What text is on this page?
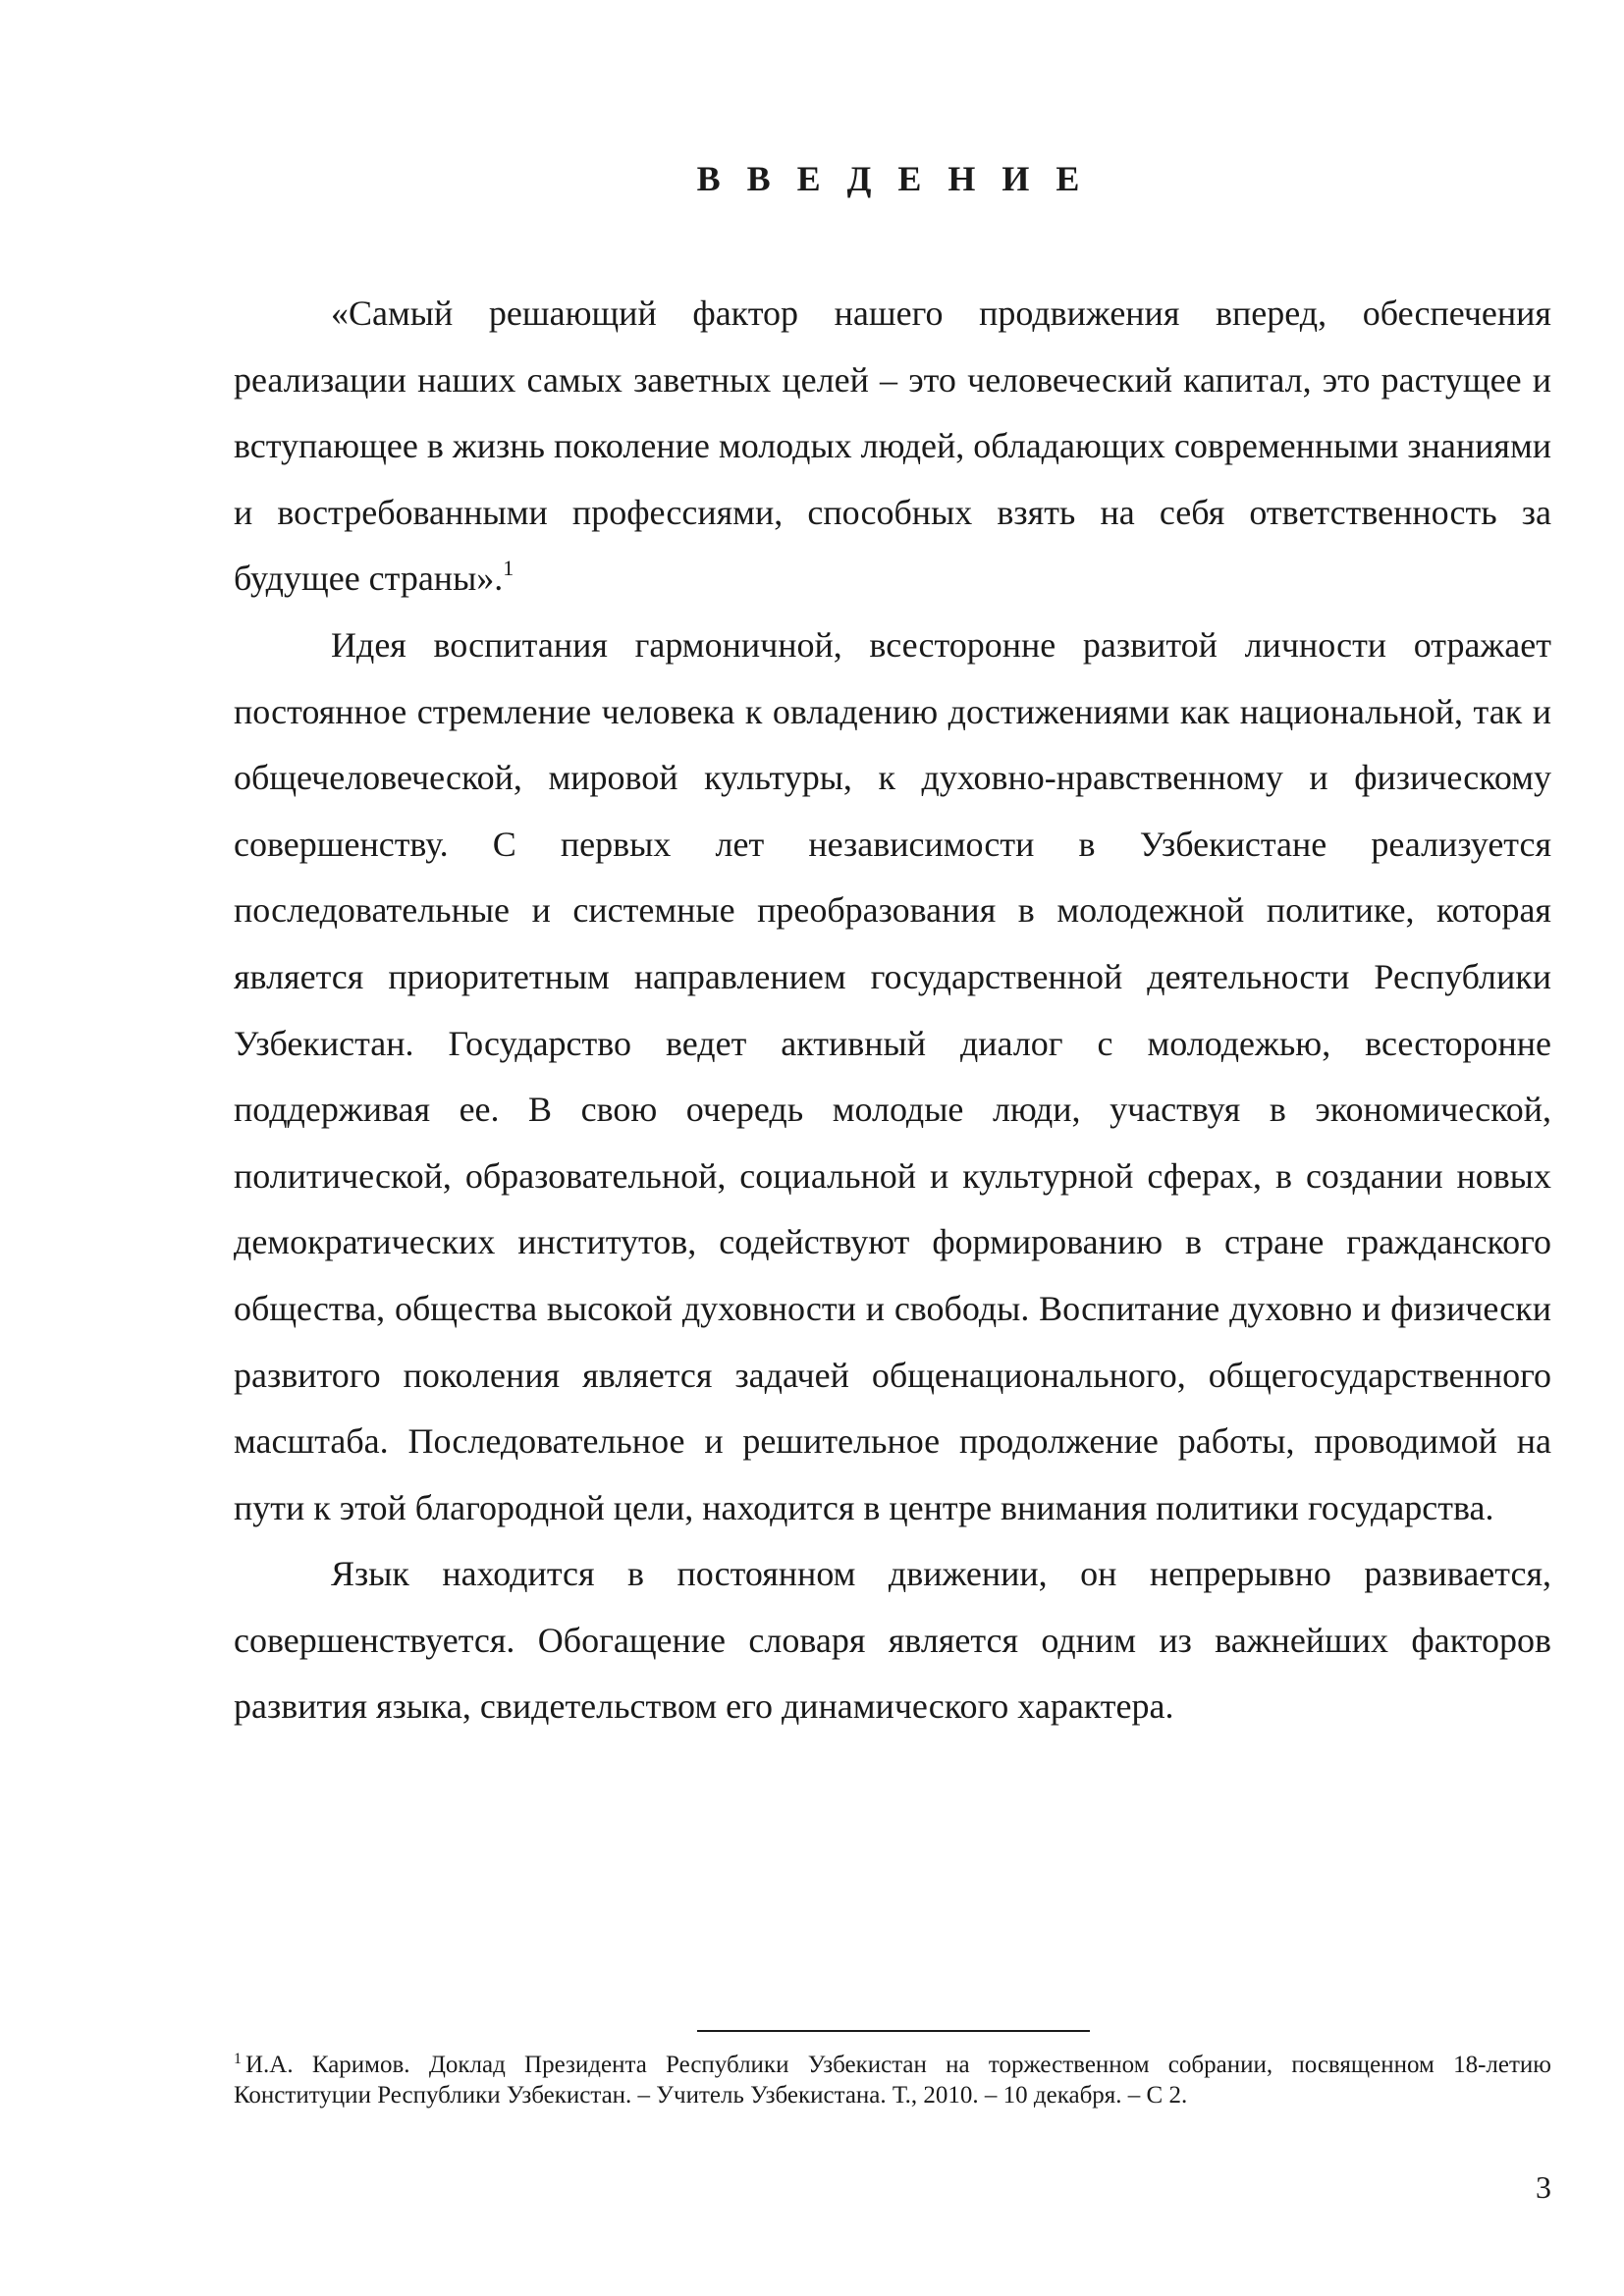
В В Е Д Е Н И Е

«Самый решающий фактор нашего продвижения вперед, обеспечения реализации наших самых заветных целей – это человеческий капитал, это растущее и вступающее в жизнь поколение молодых людей, обладающих современными знаниями и востребованными профессиями, способных взять на себя ответственность за будущее страны».$^1$

Идея воспитания гармоничной, всесторонне развитой личности отражает постоянное стремление человека к овладению достижениями как национальной, так и общечеловеческой, мировой культуры, к духовно-нравственному и физическому совершенству. С первых лет независимости в Узбекистане реализуется последовательные и системные преобразования в молодежной политике, которая является приоритетным направлением государственной деятельности Республики Узбекистан. Государство ведет активный диалог с молодежью, всесторонне поддерживая ее. В свою очередь молодые люди, участвуя в экономической, политической, образовательной, социальной и культурной сферах, в создании новых демократических институтов, содействуют формированию в стране гражданского общества, общества высокой духовности и свободы. Воспитание духовно и физически развитого поколения является задачей общенационального, общегосударственного масштаба. Последовательное и решительное продолжение работы, проводимой на пути к этой благородной цели, находится в центре внимания политики государства.

Язык находится в постоянном движении, он непрерывно развивается, совершенствуется. Обогащение словаря является одним из важнейших факторов развития языка, свидетельством его динамического характера.

$^1$ И.А. Каримов. Доклад Президента Республики Узбекистан на торжественном собрании, посвященном 18-летию Конституции Республики Узбекистан. – Учитель Узбекистана. Т., 2010. – 10 декабря. – С 2.

3
